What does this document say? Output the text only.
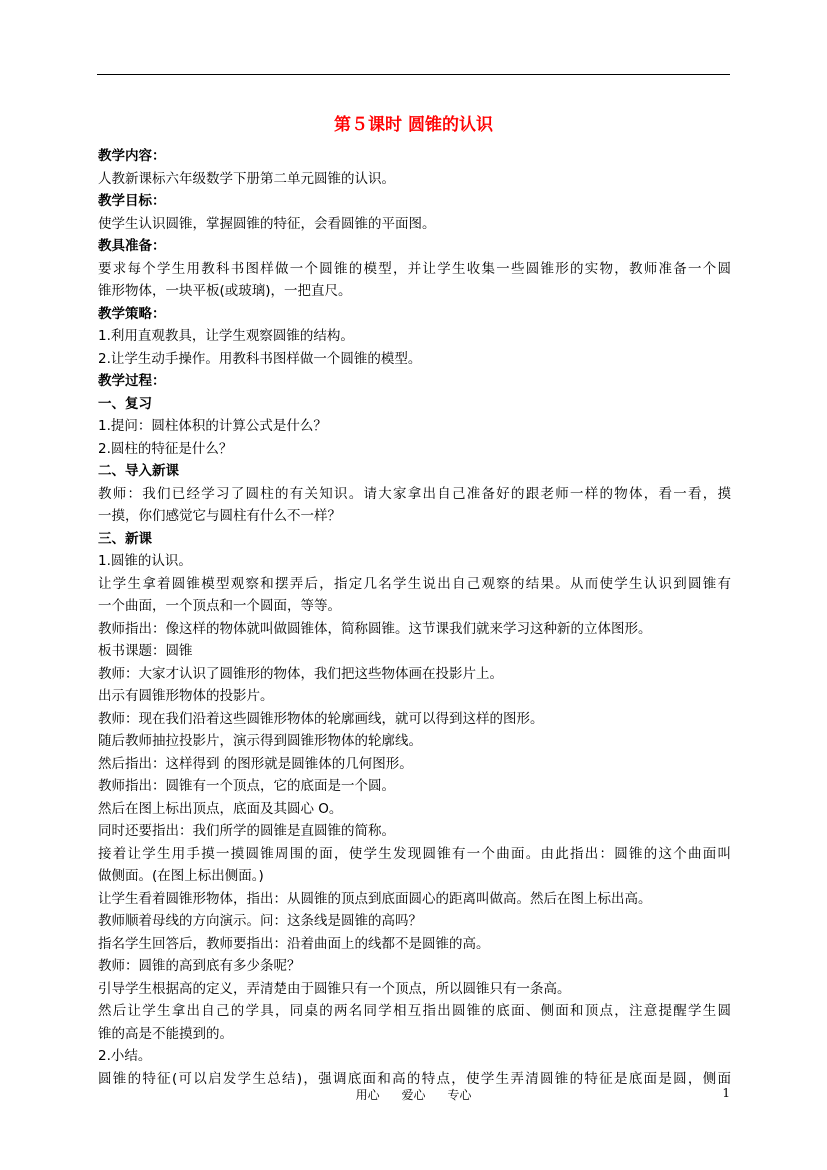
第５课时 圆锥的认识

教学内容：

人教新课标六年级数学下册第二单元圆锥的认识。

教学目标：

使学生认识圆锥，掌握圆锥的特征，会看圆锥的平面图。

教具准备：

要求每个学生用教科书图样做一个圆锥的模型，并让学生收集一些圆锥形的实物，教师准备一个圆

锥形物体，一块平板(或玻璃)，一把直尺。

教学策略：

1.利用直观教具，让学生观察圆锥的结构。

2.让学生动手操作。用教科书图样做一个圆锥的模型。

教学过程：

一、复习

1.提问：圆柱体积的计算公式是什么？

2.圆柱的特征是什么？

二、导入新课

教师：我们已经学习了圆柱的有关知识。请大家拿出自己准备好的跟老师一样的物体，看一看，摸

一摸，你们感觉它与圆柱有什么不一样？

三、新课

1.圆锥的认识。

让学生拿着圆锥模型观察和摆弄后，指定几名学生说出自己观察的结果。从而使学生认识到圆锥有

一个曲面，一个顶点和一个圆面，等等。

教师指出：像这样的物体就叫做圆锥体，简称圆锥。这节课我们就来学习这种新的立体图形。

板书课题：圆锥

教师：大家才认识了圆锥形的物体，我们把这些物体画在投影片上。

出示有圆锥形物体的投影片。

教师：现在我们沿着这些圆锥形物体的轮廓画线，就可以得到这样的图形。

随后教师抽拉投影片，演示得到圆锥形物体的轮廓线。

然后指出：这样得到 的图形就是圆锥体的几何图形。

教师指出：圆锥有一个顶点，它的底面是一个圆。

然后在图上标出顶点，底面及其圆心 O。

同时还要指出：我们所学的圆锥是直圆锥的简称。

接着让学生用手摸一摸圆锥周围的面，使学生发现圆锥有一个曲面。由此指出：圆锥的这个曲面叫

做侧面。(在图上标出侧面。)

让学生看着圆锥形物体，指出：从圆锥的顶点到底面圆心的距离叫做高。然后在图上标出高。

教师顺着母线的方向演示。问：这条线是圆锥的高吗？

指名学生回答后，教师要指出：沿着曲面上的线都不是圆锥的高。

教师：圆锥的高到底有多少条呢？

引导学生根据高的定义，弄清楚由于圆锥只有一个顶点，所以圆锥只有一条高。

然后让学生拿出自己的学具，同桌的两名同学相互指出圆锥的底面、侧面和顶点，注意提醒学生圆

锥的高是不能摸到的。

2.小结。

圆锥的特征(可以启发学生总结)，强调底面和高的特点，使学生弄清圆锥的特征是底面是圆，侧面

用心 爱心 专心	1
